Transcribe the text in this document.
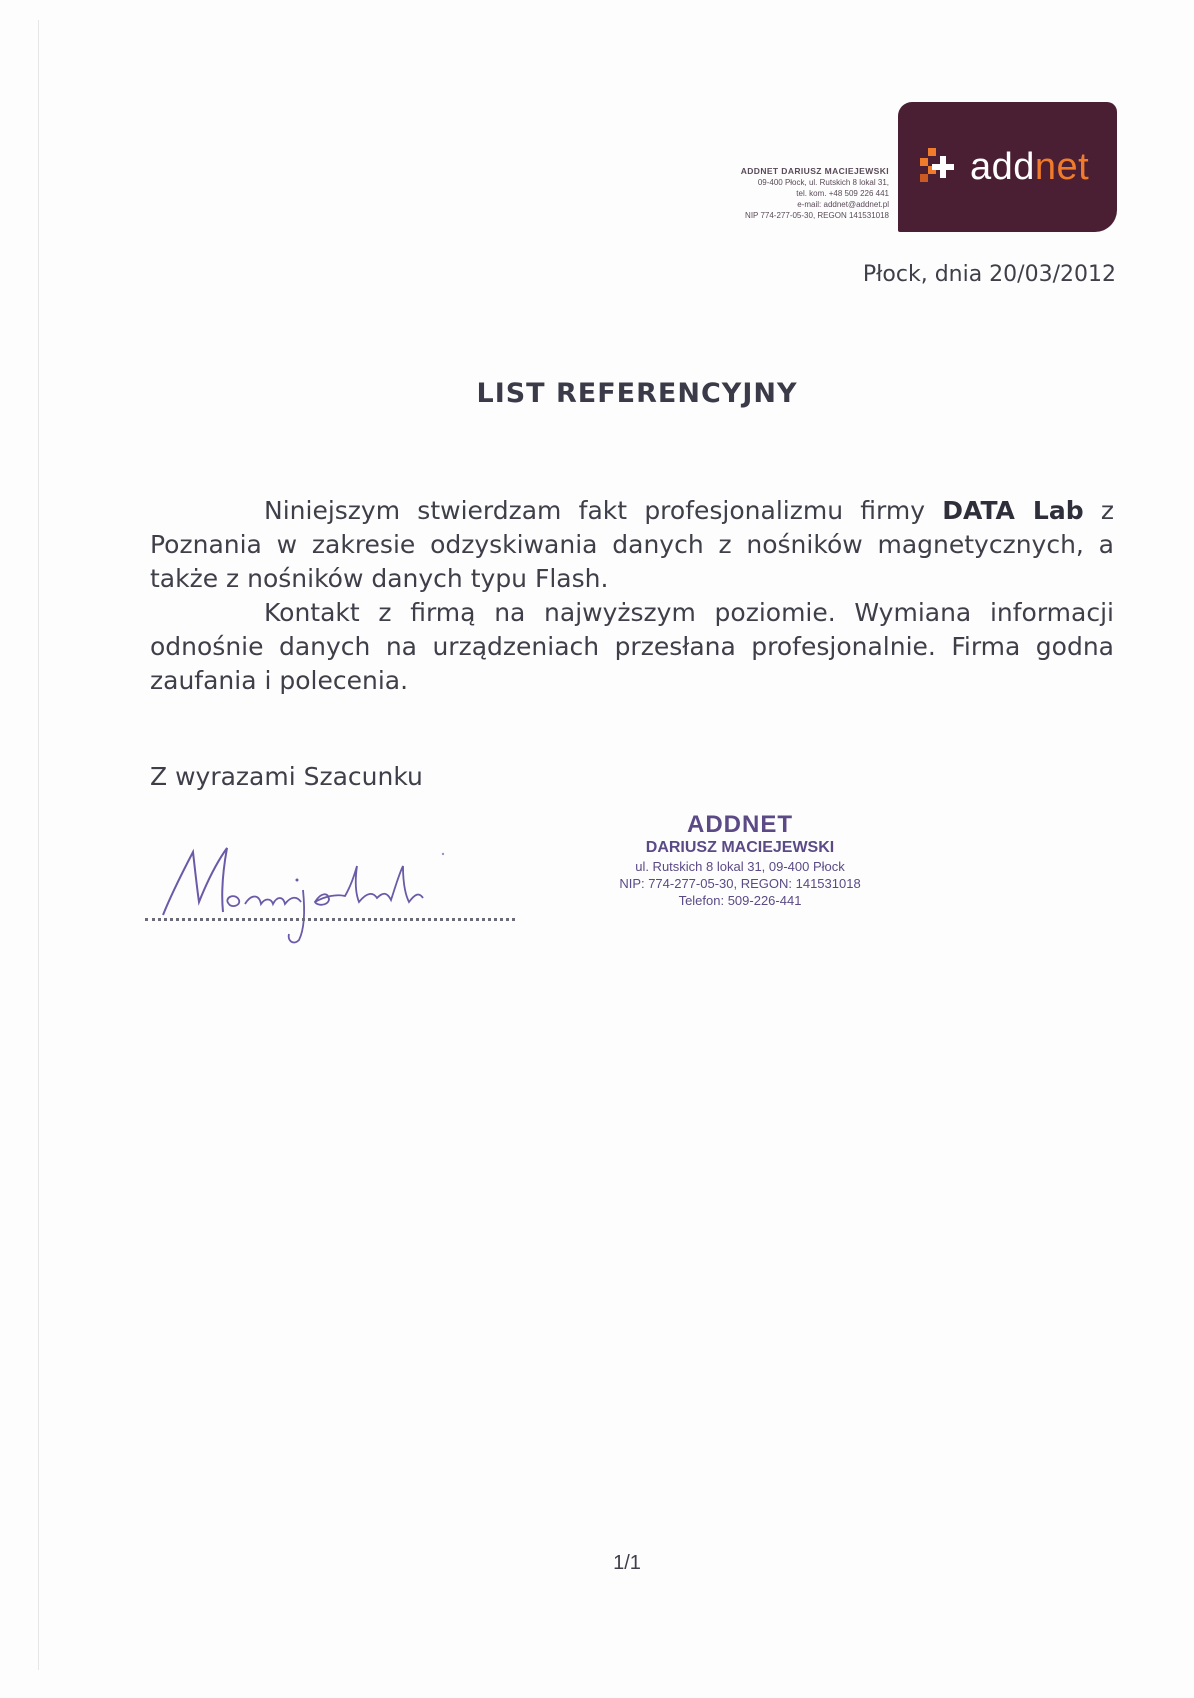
ADDNET DARIUSZ MACIEJEWSKI
09-400 Płock, ul. Rutskich 8 lokal 31,
tel. kom. +48 509 226 441
e-mail: addnet@addnet.pl
NIP 774-277-05-30, REGON 141531018
addnet
Płock, dnia 20/03/2012
LIST REFERENCYJNY

Niniejszym stwierdzam fakt profesjonalizmu firmy DATA Lab z Poznania w zakresie odzyskiwania danych z nośników magnetycznych, a także z nośników danych typu Flash.

Kontakt z firmą na najwyższym poziomie. Wymiana informacji odnośnie danych na urządzeniach przesłana profesjonalnie. Firma godna zaufania i polecenia.

Z wyrazami Szacunku
ADDNET
DARIUSZ MACIEJEWSKI
ul. Rutskich 8 lokal 31, 09-400 Płock
NIP: 774-277-05-30, REGON: 141531018
Telefon: 509-226-441
1/1
